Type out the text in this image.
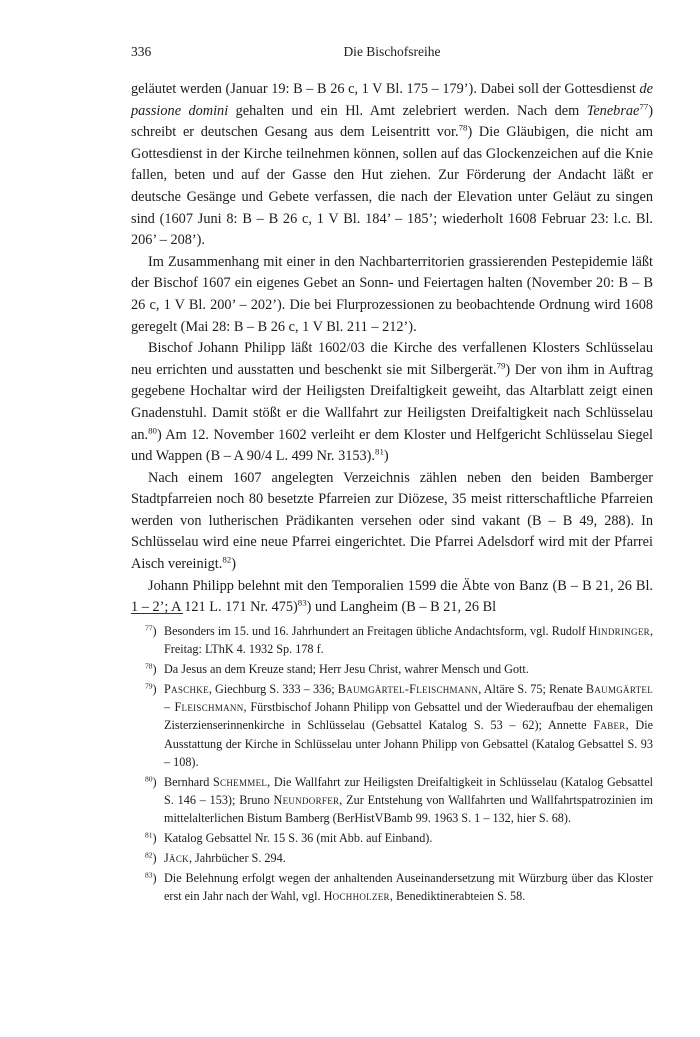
336	Die Bischofsreihe

geläutet werden (Januar 19: B – B 26 c, 1 V Bl. 175 – 179’). Dabei soll der Gottesdienst de passione domini gehalten und ein Hl. Amt zelebriert werden. Nach dem Tenebrae$^{77}$) schreibt er deutschen Gesang aus dem Leisentritt vor.$^{78}$) Die Gläubigen, die nicht am Gottesdienst in der Kirche teilnehmen können, sollen auf das Glockenzeichen auf die Knie fallen, beten und auf der Gasse den Hut ziehen. Zur Förderung der Andacht läßt er deutsche Gesänge und Gebete verfassen, die nach der Elevation unter Geläut zu singen sind (1607 Juni 8: B – B 26 c, 1 V Bl. 184’ – 185’; wiederholt 1608 Februar 23: l.c. Bl. 206’ – 208’).

Im Zusammenhang mit einer in den Nachbarterritorien grassierenden Pestepidemie läßt der Bischof 1607 ein eigenes Gebet an Sonn- und Feiertagen halten (November 20: B – B 26 c, 1 V Bl. 200’ – 202’). Die bei Flurprozessionen zu beobachtende Ordnung wird 1608 geregelt (Mai 28: B – B 26 c, 1 V Bl. 211 – 212’).

Bischof Johann Philipp läßt 1602/03 die Kirche des verfallenen Klosters Schlüsselau neu errichten und ausstatten und beschenkt sie mit Silbergerät.$^{79}$) Der von ihm in Auftrag gegebene Hochaltar wird der Heiligsten Dreifaltigkeit geweiht, das Altarblatt zeigt einen Gnadenstuhl. Damit stößt er die Wallfahrt zur Heiligsten Dreifaltigkeit nach Schlüsselau an.$^{80}$) Am 12. November 1602 verleiht er dem Kloster und Helfgericht Schlüsselau Siegel und Wappen (B – A 90/4 L. 499 Nr. 3153).$^{81}$)

Nach einem 1607 angelegten Verzeichnis zählen neben den beiden Bamberger Stadtpfarreien noch 80 besetzte Pfarreien zur Diözese, 35 meist ritterschaftliche Pfarreien werden von lutherischen Prädikanten versehen oder sind vakant (B – B 49, 288). In Schlüsselau wird eine neue Pfarrei eingerichtet. Die Pfarrei Adelsdorf wird mit der Pfarrei Aisch vereinigt.$^{82}$)

Johann Philipp belehnt mit den Temporalien 1599 die Äbte von Banz (B – B 21, 26 Bl. 1 – 2’; A 121 L. 171 Nr. 475)$^{83}$) und Langheim (B – B 21, 26 Bl

$^{77}$) Besonders im 15. und 16. Jahrhundert an Freitagen übliche Andachtsform, vgl. Rudolf Hindringer, Freitag: LThK 4. 1932 Sp. 178 f.
$^{78}$) Da Jesus an dem Kreuze stand; Herr Jesu Christ, wahrer Mensch und Gott.
$^{79}$) Paschke, Giechburg S. 333 – 336; Baumgärtel-Fleischmann, Altäre S. 75; Renate Baumgärtel – Fleischmann, Fürstbischof Johann Philipp von Gebsattel und der Wiederaufbau der ehemaligen Zisterzienserinnenkirche in Schlüsselau (Gebsattel Katalog S. 53 – 62); Annette Faber, Die Ausstattung der Kirche in Schlüsselau unter Johann Philipp von Gebsattel (Katalog Gebsattel S. 93 – 108).
$^{80}$) Bernhard Schemmel, Die Wallfahrt zur Heiligsten Dreifaltigkeit in Schlüsselau (Katalog Gebsattel S. 146 – 153); Bruno Neundorfer, Zur Entstehung von Wallfahrten und Wallfahrtspatrozinien im mittelalterlichen Bistum Bamberg (BerHistVBamb 99. 1963 S. 1 – 132, hier S. 68).
$^{81}$) Katalog Gebsattel Nr. 15 S. 36 (mit Abb. auf Einband).
$^{82}$) Jäck, Jahrbücher S. 294.
$^{83}$) Die Belehnung erfolgt wegen der anhaltenden Auseinandersetzung mit Würzburg über das Kloster erst ein Jahr nach der Wahl, vgl. Hochholzer, Benediktinerabteien S. 58.
